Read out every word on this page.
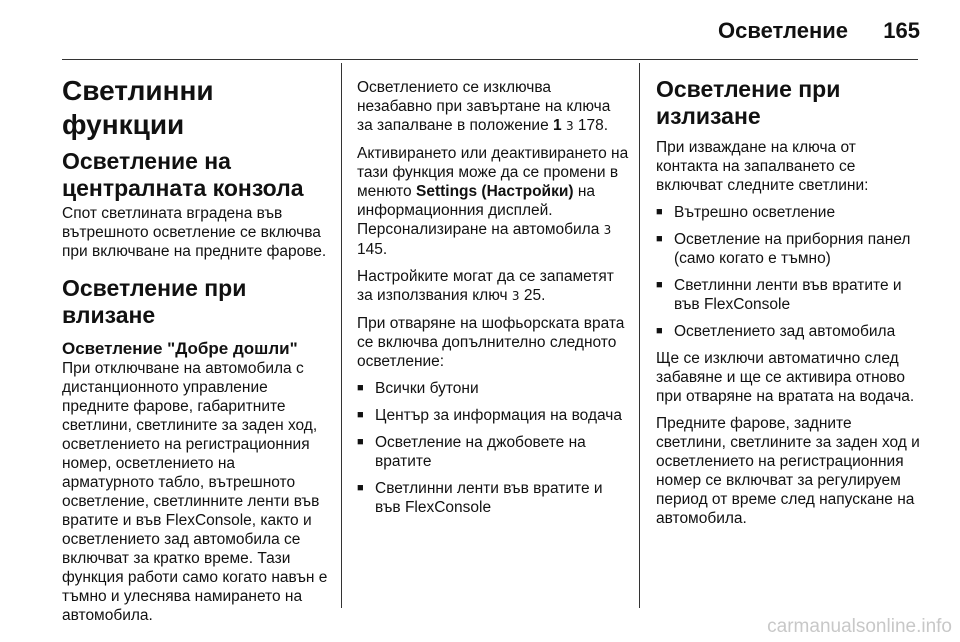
Осветление 165
Светлинни функции
Осветление на централната конзола

Спот светлината вградена във вътрешното осветление се включва при включване на предните фарове.

Осветление при влизане
Осветление "Добре дошли"

При отключване на автомобила с дистанционното управление предните фарове, габаритните светлини, светлините за заден ход, осветлението на регистрационния номер, осветлението на арматурното табло, вътрешното осветление, светлинните ленти във вратите и във FlexConsole, както и осветлението зад автомобила се включват за кратко време. Тази функция работи само когато навън е тъмно и улеснява намирането на автомобила.

Осветлението се изключва незабавно при завъртане на ключа за запалване в положение 1 3 178.

Активирането или деактивирането на тази функция може да се промени в менюто Settings (Настройки) на информационния дисплей. Персонализиране на автомобила 3 145.

Настройките могат да се запаметят за използвания ключ 3 25.

При отваряне на шофьорската врата се включва допълнително следното осветление:

■ Всички бутони
■ Център за информация на водача
■ Осветление на джобовете на вратите
■ Светлинни ленти във вратите и във FlexConsole
Осветление при излизане

При изваждане на ключа от контакта на запалването се включват следните светлини:

■ Вътрешно осветление
■ Осветление на приборния панел (само когато е тъмно)
■ Светлинни ленти във вратите и във FlexConsole
■ Осветлението зад автомобила

Ще се изключи автоматично след забавяне и ще се активира отново при отваряне на вратата на водача.

Предните фарове, задните светлини, светлините за заден ход и осветлението на регистрационния номер се включват за регулируем период от време след напускане на автомобила.

carmanualsonline.info
